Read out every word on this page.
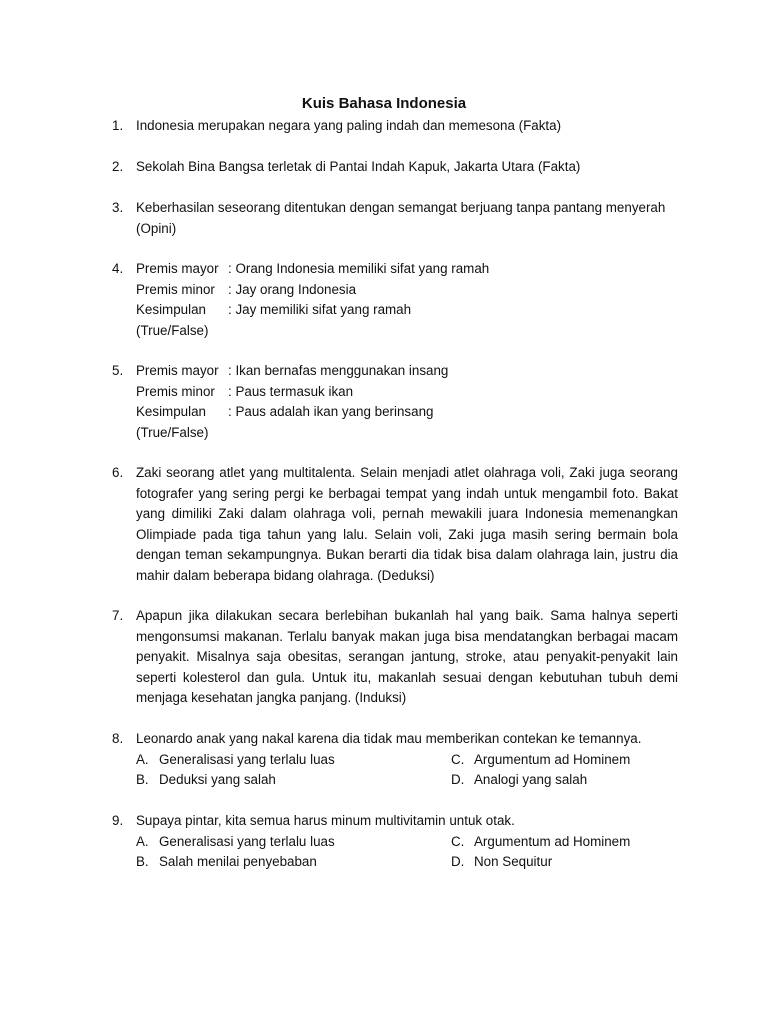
Kuis Bahasa Indonesia
1. Indonesia merupakan negara yang paling indah dan memesona (Fakta)
2. Sekolah Bina Bangsa terletak di Pantai Indah Kapuk, Jakarta Utara (Fakta)
3. Keberhasilan seseorang ditentukan dengan semangat berjuang tanpa pantang menyerah
(Opini)
4. Premis mayor : Orang Indonesia memiliki sifat yang ramah
Premis minor : Jay orang Indonesia
Kesimpulan	: Jay memiliki sifat yang ramah
(True/False)
5. Premis mayor : Ikan bernafas menggunakan insang
Premis minor : Paus termasuk ikan
Kesimpulan	: Paus adalah ikan yang berinsang
(True/False)
6. Zaki seorang atlet yang multitalenta. Selain menjadi atlet olahraga voli, Zaki juga seorang fotografer yang sering pergi ke berbagai tempat yang indah untuk mengambil foto. Bakat yang dimiliki Zaki dalam olahraga voli, pernah mewakili juara Indonesia memenangkan Olimpiade pada tiga tahun yang lalu. Selain voli, Zaki juga masih sering bermain bola dengan teman sekampungnya. Bukan berarti dia tidak bisa dalam olahraga lain, justru dia mahir dalam beberapa bidang olahraga. (Deduksi)
7. Apapun jika dilakukan secara berlebihan bukanlah hal yang baik. Sama halnya seperti mengonsumsi makanan. Terlalu banyak makan juga bisa mendatangkan berbagai macam penyakit. Misalnya saja obesitas, serangan jantung, stroke, atau penyakit-penyakit lain seperti kolesterol dan gula. Untuk itu, makanlah sesuai dengan kebutuhan tubuh demi menjaga kesehatan jangka panjang. (Induksi)
8. Leonardo anak yang nakal karena dia tidak mau memberikan contekan ke temannya.
A. Generalisasi yang terlalu luas	C. Argumentum ad Hominem
B. Deduksi yang salah	D. Analogi yang salah
9. Supaya pintar, kita semua harus minum multivitamin untuk otak.
A. Generalisasi yang terlalu luas	C. Argumentum ad Hominem
B. Salah menilai penyebaban	D. Non Sequitur
